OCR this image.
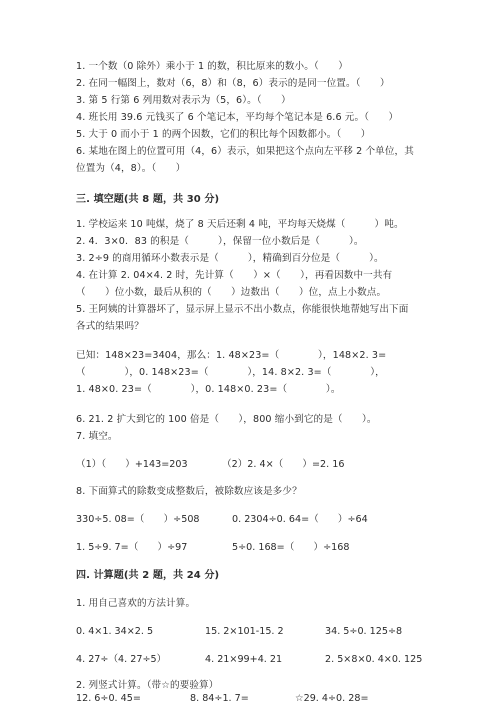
1. 一个数（0 除外）乘小于 1 的数，积比原来的数小。（　　）
2. 在同一幅图上，数对（6，8）和（8，6）表示的是同一位置。（　　）
3. 第 5 行第 6 列用数对表示为（5，6）。（　　）
4. 班长用 39.6 元钱买了 6 个笔记本，平均每个笔记本是 6.6 元。（　　）
5. 大于 0 而小于 1 的两个因数，它们的积比每个因数都小。（　　）
6. 某地在图上的位置可用（4，6）表示，如果把这个点向左平移 2 个单位，其
位置为（4，8）。（　　）
三. 填空题(共 8 题，共 30 分)
1. 学校运来 10 吨煤，烧了 8 天后还剩 4 吨，平均每天烧煤（　　　）吨。
2. 4．3×0．83 的积是（　　　），保留一位小数后是（　　　）。
3. 2÷9 的商用循环小数表示是（　　　），精确到百分位是（　　　）。
4. 在计算 2. 04×4. 2 时，先计算（　　）×（　　），再看因数中一共有
（　　）位小数，最后从积的（　　）边数出（　　）位，点上小数点。
5. 王阿姨的计算器坏了，显示屏上显示不出小数点，你能很快地帮她写出下面
各式的结果吗？
已知：148×23=3404，那么：1. 48×23=（　　　　），148×2. 3=
（　　　　），0. 148×23=（　　　　），14. 8×2. 3=（　　　　），
1. 48×0. 23=（　　　　），0. 148×0. 23=（　　　　）。
6. 21. 2 扩大到它的 100 倍是（　　），800 缩小到它的是（　　）。
7. 填空。
（1）（　　）+143=203	（2）2. 4×（　　）=2. 16
8. 下面算式的除数变成整数后，被除数应该是多少？
330÷5. 08=（　　）÷508	0. 2304÷0. 64=（　　）÷64
1. 5÷9. 7=（　　）÷97	5÷0. 168=（　　）÷168
四. 计算题(共 2 题，共 24 分)
1. 用自己喜欢的方法计算。
0. 4×1. 34×2. 5	15. 2×101-15. 2	34. 5÷0. 125÷8
4. 27÷（4. 27÷5）	4. 21×99+4. 21	2. 5×8×0. 4×0. 125
2. 列竖式计算。（带☆的要验算）
12. 6÷0. 45=	8. 84÷1. 7=	☆29. 4÷0. 28=
